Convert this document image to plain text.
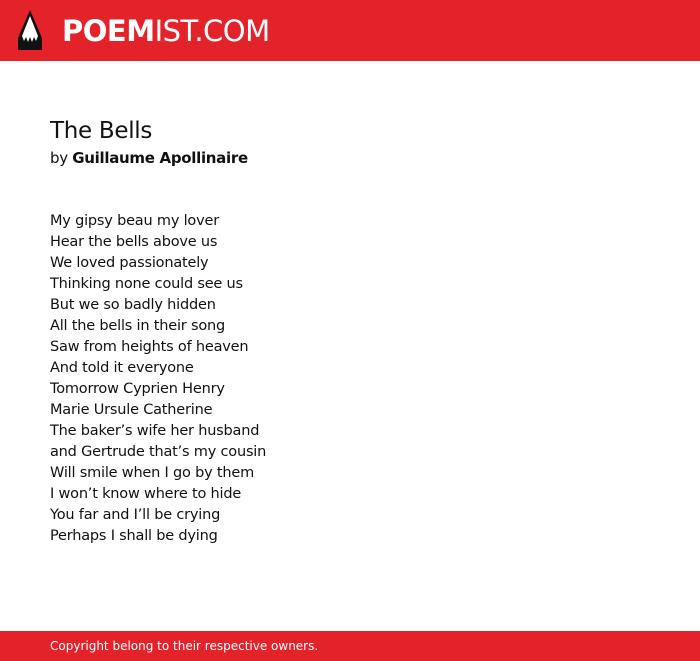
POEMIST.COM
The Bells
by Guillaume Apollinaire
My gipsy beau my lover
Hear the bells above us
We loved passionately
Thinking none could see us
But we so badly hidden
All the bells in their song
Saw from heights of heaven
And told it everyone
Tomorrow Cyprien Henry
Marie Ursule Catherine
The baker’s wife her husband
and Gertrude that’s my cousin
Will smile when I go by them
I won’t know where to hide
You far and I’ll be crying
Perhaps I shall be dying
Copyright belong to their respective owners.
